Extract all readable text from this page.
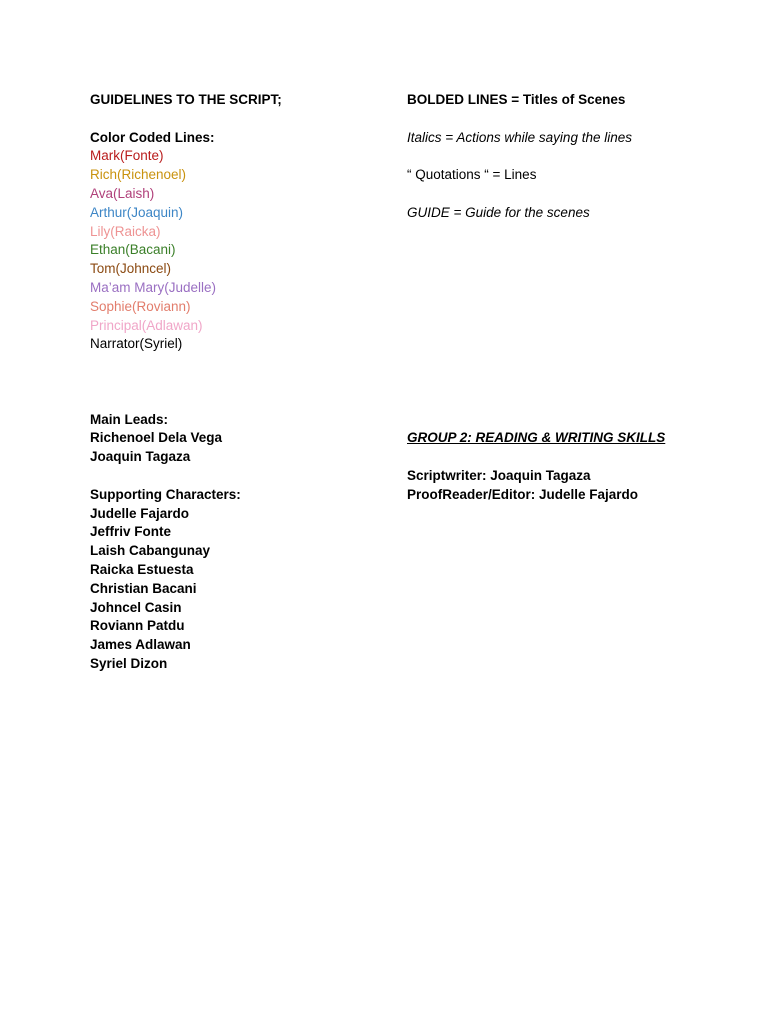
GUIDELINES TO THE SCRIPT;
Color Coded Lines:
Mark(Fonte)
Rich(Richenoel)
Ava(Laish)
Arthur(Joaquin)
Lily(Raicka)
Ethan(Bacani)
Tom(Johncel)
Ma’am Mary(Judelle)
Sophie(Roviann)
Principal(Adlawan)
Narrator(Syriel)
Main Leads:
Richenoel Dela Vega
Joaquin Tagaza
Supporting Characters:
Judelle Fajardo
Jeffriv Fonte
Laish Cabangunay
Raicka Estuesta
Christian Bacani
Johncel Casin
Roviann Patdu
James Adlawan
Syriel Dizon
BOLDED LINES = Titles of Scenes
Italics = Actions while saying the lines
“ Quotations “ = Lines
GUIDE = Guide for the scenes
GROUP 2: READING & WRITING SKILLS
Scriptwriter: Joaquin Tagaza
ProofReader/Editor: Judelle Fajardo
